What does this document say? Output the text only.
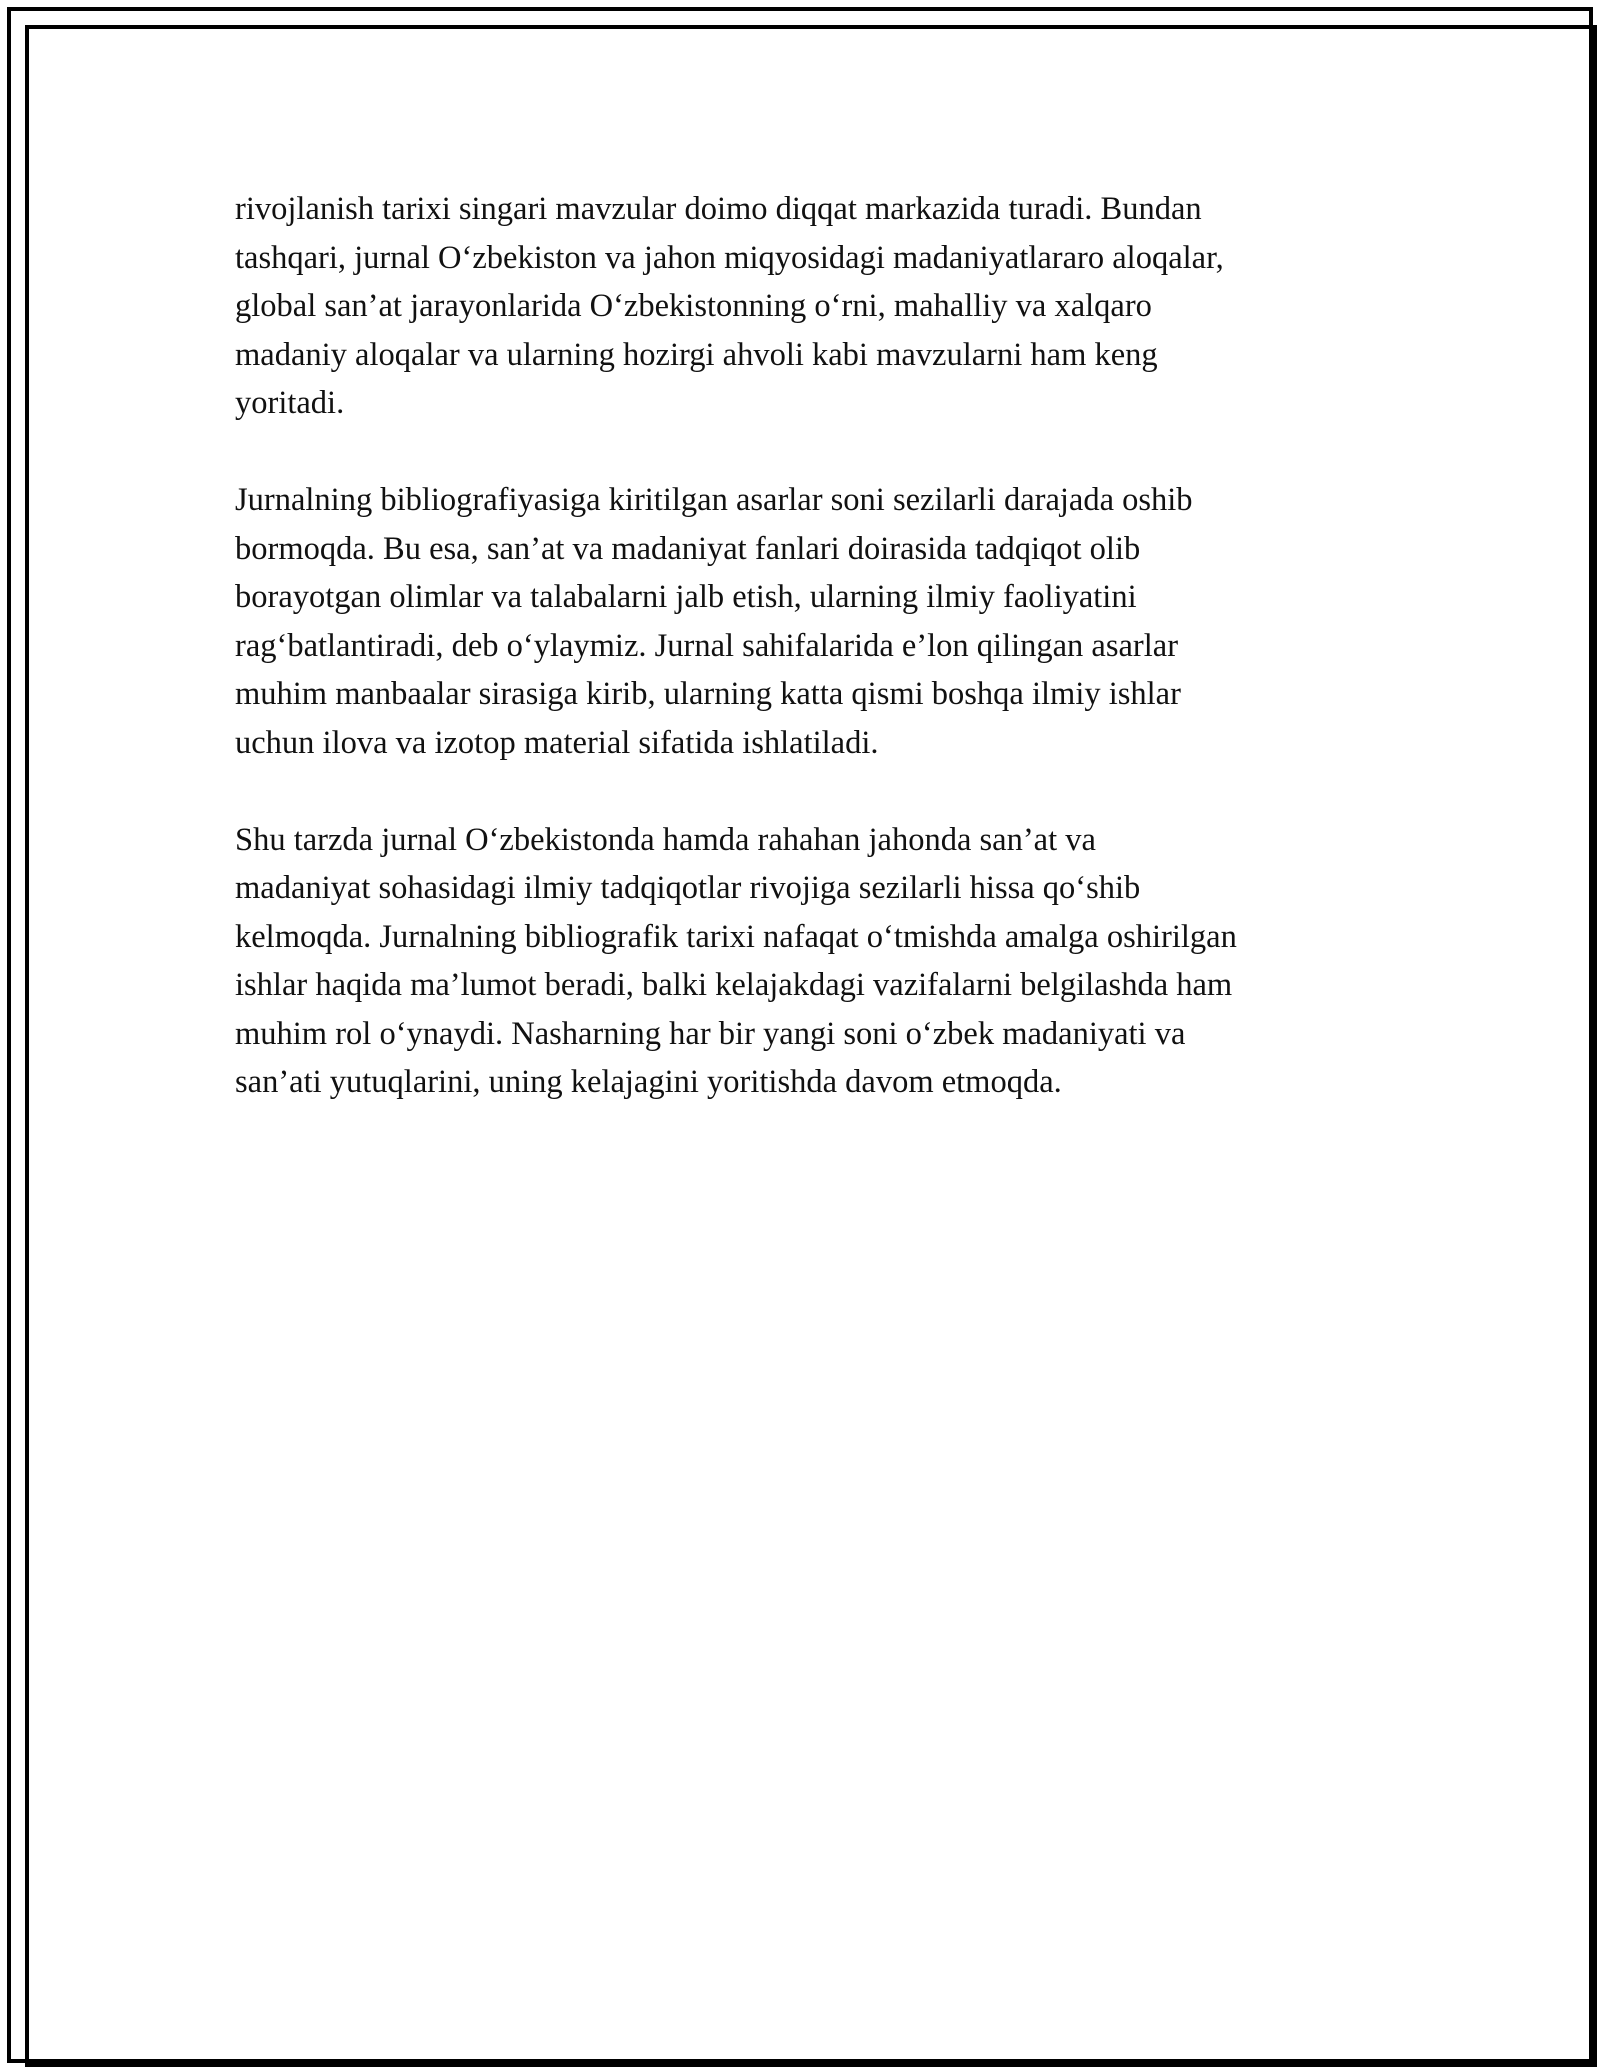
rivojlanish tarixi singari mavzular doimo diqqat markazida turadi. Bundan
tashqari, jurnal O‘zbekiston va jahon miqyosidagi madaniyatlararo aloqalar,
global san’at jarayonlarida O‘zbekistonning o‘rni, mahalliy va xalqaro
madaniy aloqalar va ularning hozirgi ahvoli kabi mavzularni ham keng
yoritadi.

Jurnalning bibliografiyasiga kiritilgan asarlar soni sezilarli darajada oshib
bormoqda. Bu esa, san’at va madaniyat fanlari doirasida tadqiqot olib
borayotgan olimlar va talabalarni jalb etish, ularning ilmiy faoliyatini
rag‘batlantiradi, deb o‘ylaymiz. Jurnal sahifalarida e’lon qilingan asarlar
muhim manbaalar sirasiga kirib, ularning katta qismi boshqa ilmiy ishlar
uchun ilova va izotop material sifatida ishlatiladi.

Shu tarzda jurnal O‘zbekistonda hamda rahahan jahonda san’at va
madaniyat sohasidagi ilmiy tadqiqotlar rivojiga sezilarli hissa qo‘shib
kelmoqda. Jurnalning bibliografik tarixi nafaqat o‘tmishda amalga oshirilgan
ishlar haqida ma’lumot beradi, balki kelajakdagi vazifalarni belgilashda ham
muhim rol o‘ynaydi. Nasharning har bir yangi soni o‘zbek madaniyati va
san’ati yutuqlarini, uning kelajagini yoritishda davom etmoqda.
